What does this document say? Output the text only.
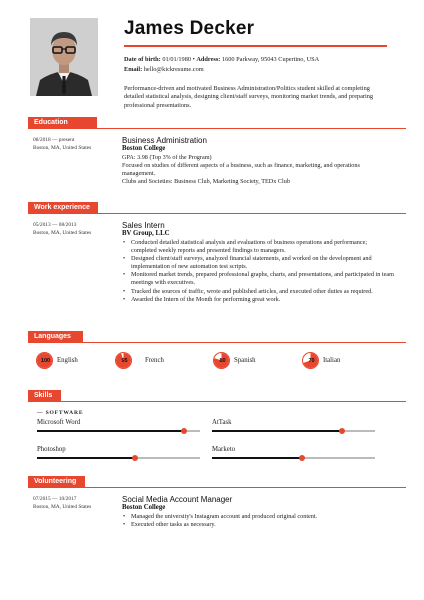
James Decker
Date of birth: 01/01/1980 • Address: 1600 Parkway, 95043 Cupertino, USA
Email: hello@kickresume.com
Performance-driven and motivated Business Administration/Politics student skilled at completing detailed statistical analysis, designing client/staff surveys, monitoring market trends, and preparing professional presentations.
Education
08/2018 — present
Boston, MA, United States
Business Administration
Boston College
GPA: 3.98 (Top 3% of the Program)
Focused on studies of different aspects of a business, such as finance, marketing, and operations management.
Clubs and Societies: Business Club, Marketing Society, TEDx Club
Work experience
05/2013 — 08/2013
Boston, MA, United States
Sales Intern
BV Group, LLC
• Conducted detailed statistical analysis and evaluations of business operations and performance; completed weekly reports and presented findings to managers.
• Designed client/staff surveys, analyzed financial statements, and worked on the development and implementation of new automation test scripts.
• Monitored market trends, prepared professional graphs, charts, and presentations, and participated in team meetings with executives.
• Tracked the sources of traffic, wrote and published articles, and executed other duties as required.
• Awarded the Intern of the Month for performing great work.
Languages
100	English	95	French	80	Spanish	70	Italian
Skills
— SOFTWARE
Microsoft Word	AtTask
Photoshop	Marketo
Volunteering
07/2015 — 10/2017
Boston, MA, United States
Social Media Account Manager
Boston College
• Managed the university's Instagram account and produced original content.
• Executed other tasks as necessary.
